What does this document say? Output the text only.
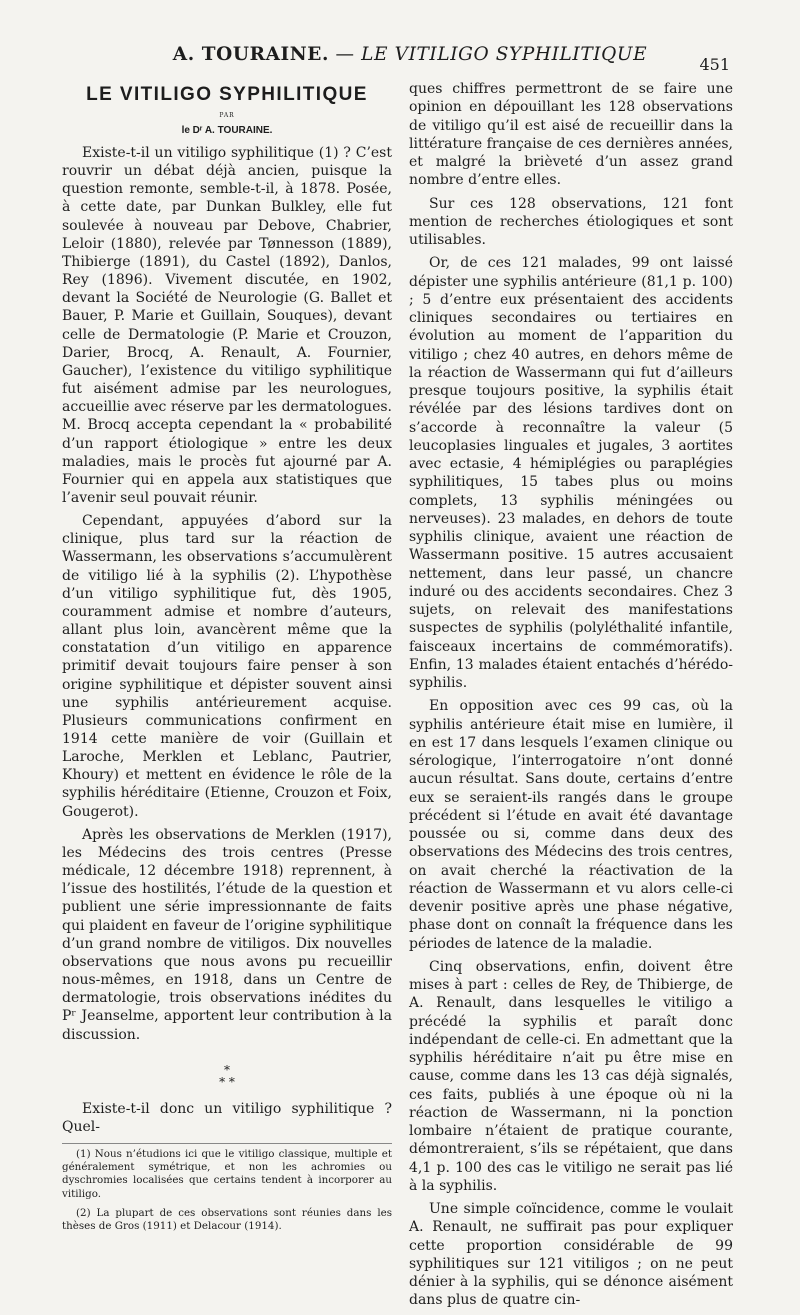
A. TOURAINE. — LE VITILIGO SYPHILITIQUE	451
LE VITILIGO SYPHILITIQUE
PAR
le Dʳ A. TOURAINE.

Existe-t-il un vitiligo syphilitique (1) ? C’est rouvrir un débat déjà ancien, puisque la question remonte, semble-t-il, à 1878. Posée, à cette date, par Dunkan Bulkley, elle fut soulevée à nouveau par Debove, Chabrier, Leloir (1880), relevée par Tønnesson (1889), Thibierge (1891), du Castel (1892), Danlos, Rey (1896). Vivement discutée, en 1902, devant la Société de Neurologie (G. Ballet et Bauer, P. Marie et Guillain, Souques), devant celle de Dermatologie (P. Marie et Crouzon, Darier, Brocq, A. Renault, A. Fournier, Gaucher), l’existence du vitiligo syphilitique fut aisément admise par les neurologues, accueillie avec réserve par les dermatologues. M. Brocq accepta cependant la « probabilité d’un rapport étiologique » entre les deux maladies, mais le procès fut ajourné par A. Fournier qui en appela aux statistiques que l’avenir seul pouvait réunir.

Cependant, appuyées d’abord sur la clinique, plus tard sur la réaction de Wassermann, les observations s’accumulèrent de vitiligo lié à la syphilis (2). L’hypothèse d’un vitiligo syphilitique fut, dès 1905, couramment admise et nombre d’auteurs, allant plus loin, avancèrent même que la constatation d’un vitiligo en apparence primitif devait toujours faire penser à son origine syphilitique et dépister souvent ainsi une syphilis antérieurement acquise. Plusieurs communications confirment en 1914 cette manière de voir (Guillain et Laroche, Merklen et Leblanc, Pautrier, Khoury) et mettent en évidence le rôle de la syphilis héréditaire (Etienne, Crouzon et Foix, Gougerot).

Après les observations de Merklen (1917), les Médecins des trois centres (Presse médicale, 12 décembre 1918) reprennent, à l’issue des hostilités, l’étude de la question et publient une série impressionnante de faits qui plaident en faveur de l’origine syphilitique d’un grand nombre de vitiligos. Dix nouvelles observations que nous avons pu recueillir nous-mêmes, en 1918, dans un Centre de dermatologie, trois observations inédites du Pʳ Jeanselme, apportent leur contribution à la discussion.

*
* *

Existe-t-il donc un vitiligo syphilitique ? Quel-

(1) Nous n’étudions ici que le vitiligo classique, multiple et généralement symétrique, et non les achromies ou dyschromies localisées que certains tendent à incorporer au vitiligo.

(2) La plupart de ces observations sont réunies dans les thèses de Gros (1911) et Delacour (1914).

ques chiffres permettront de se faire une opinion en dépouillant les 128 observations de vitiligo qu’il est aisé de recueillir dans la littérature française de ces dernières années, et malgré la brièveté d’un assez grand nombre d’entre elles.

Sur ces 128 observations, 121 font mention de recherches étiologiques et sont utilisables.

Or, de ces 121 malades, 99 ont laissé dépister une syphilis antérieure (81,1 p. 100) ; 5 d’entre eux présentaient des accidents cliniques secondaires ou tertiaires en évolution au moment de l’apparition du vitiligo ; chez 40 autres, en dehors même de la réaction de Wassermann qui fut d’ailleurs presque toujours positive, la syphilis était révélée par des lésions tardives dont on s’accorde à reconnaître la valeur (5 leucoplasies linguales et jugales, 3 aortites avec ectasie, 4 hémiplégies ou paraplégies syphilitiques, 15 tabes plus ou moins complets, 13 syphilis méningées ou nerveuses). 23 malades, en dehors de toute syphilis clinique, avaient une réaction de Wassermann positive. 15 autres accusaient nettement, dans leur passé, un chancre induré ou des accidents secondaires. Chez 3 sujets, on relevait des manifestations suspectes de syphilis (polyléthalité infantile, faisceaux incertains de commémoratifs). Enfin, 13 malades étaient entachés d’hérédo-syphilis.

En opposition avec ces 99 cas, où la syphilis antérieure était mise en lumière, il en est 17 dans lesquels l’examen clinique ou sérologique, l’interrogatoire n’ont donné aucun résultat. Sans doute, certains d’entre eux se seraient-ils rangés dans le groupe précédent si l’étude en avait été davantage poussée ou si, comme dans deux des observations des Médecins des trois centres, on avait cherché la réactivation de la réaction de Wassermann et vu alors celle-ci devenir positive après une phase négative, phase dont on connaît la fréquence dans les périodes de latence de la maladie.

Cinq observations, enfin, doivent être mises à part : celles de Rey, de Thibierge, de A. Renault, dans lesquelles le vitiligo a précédé la syphilis et paraît donc indépendant de celle-ci. En admettant que la syphilis héréditaire n’ait pu être mise en cause, comme dans les 13 cas déjà signalés, ces faits, publiés à une époque où ni la réaction de Wassermann, ni la ponction lombaire n’étaient de pratique courante, démontreraient, s’ils se répétaient, que dans 4,1 p. 100 des cas le vitiligo ne serait pas lié à la syphilis.

Une simple coïncidence, comme le voulait A. Renault, ne suffirait pas pour expliquer cette proportion considérable de 99 syphilitiques sur 121 vitiligos ; on ne peut dénier à la syphilis, qui se dénonce aisément dans plus de quatre cin-
